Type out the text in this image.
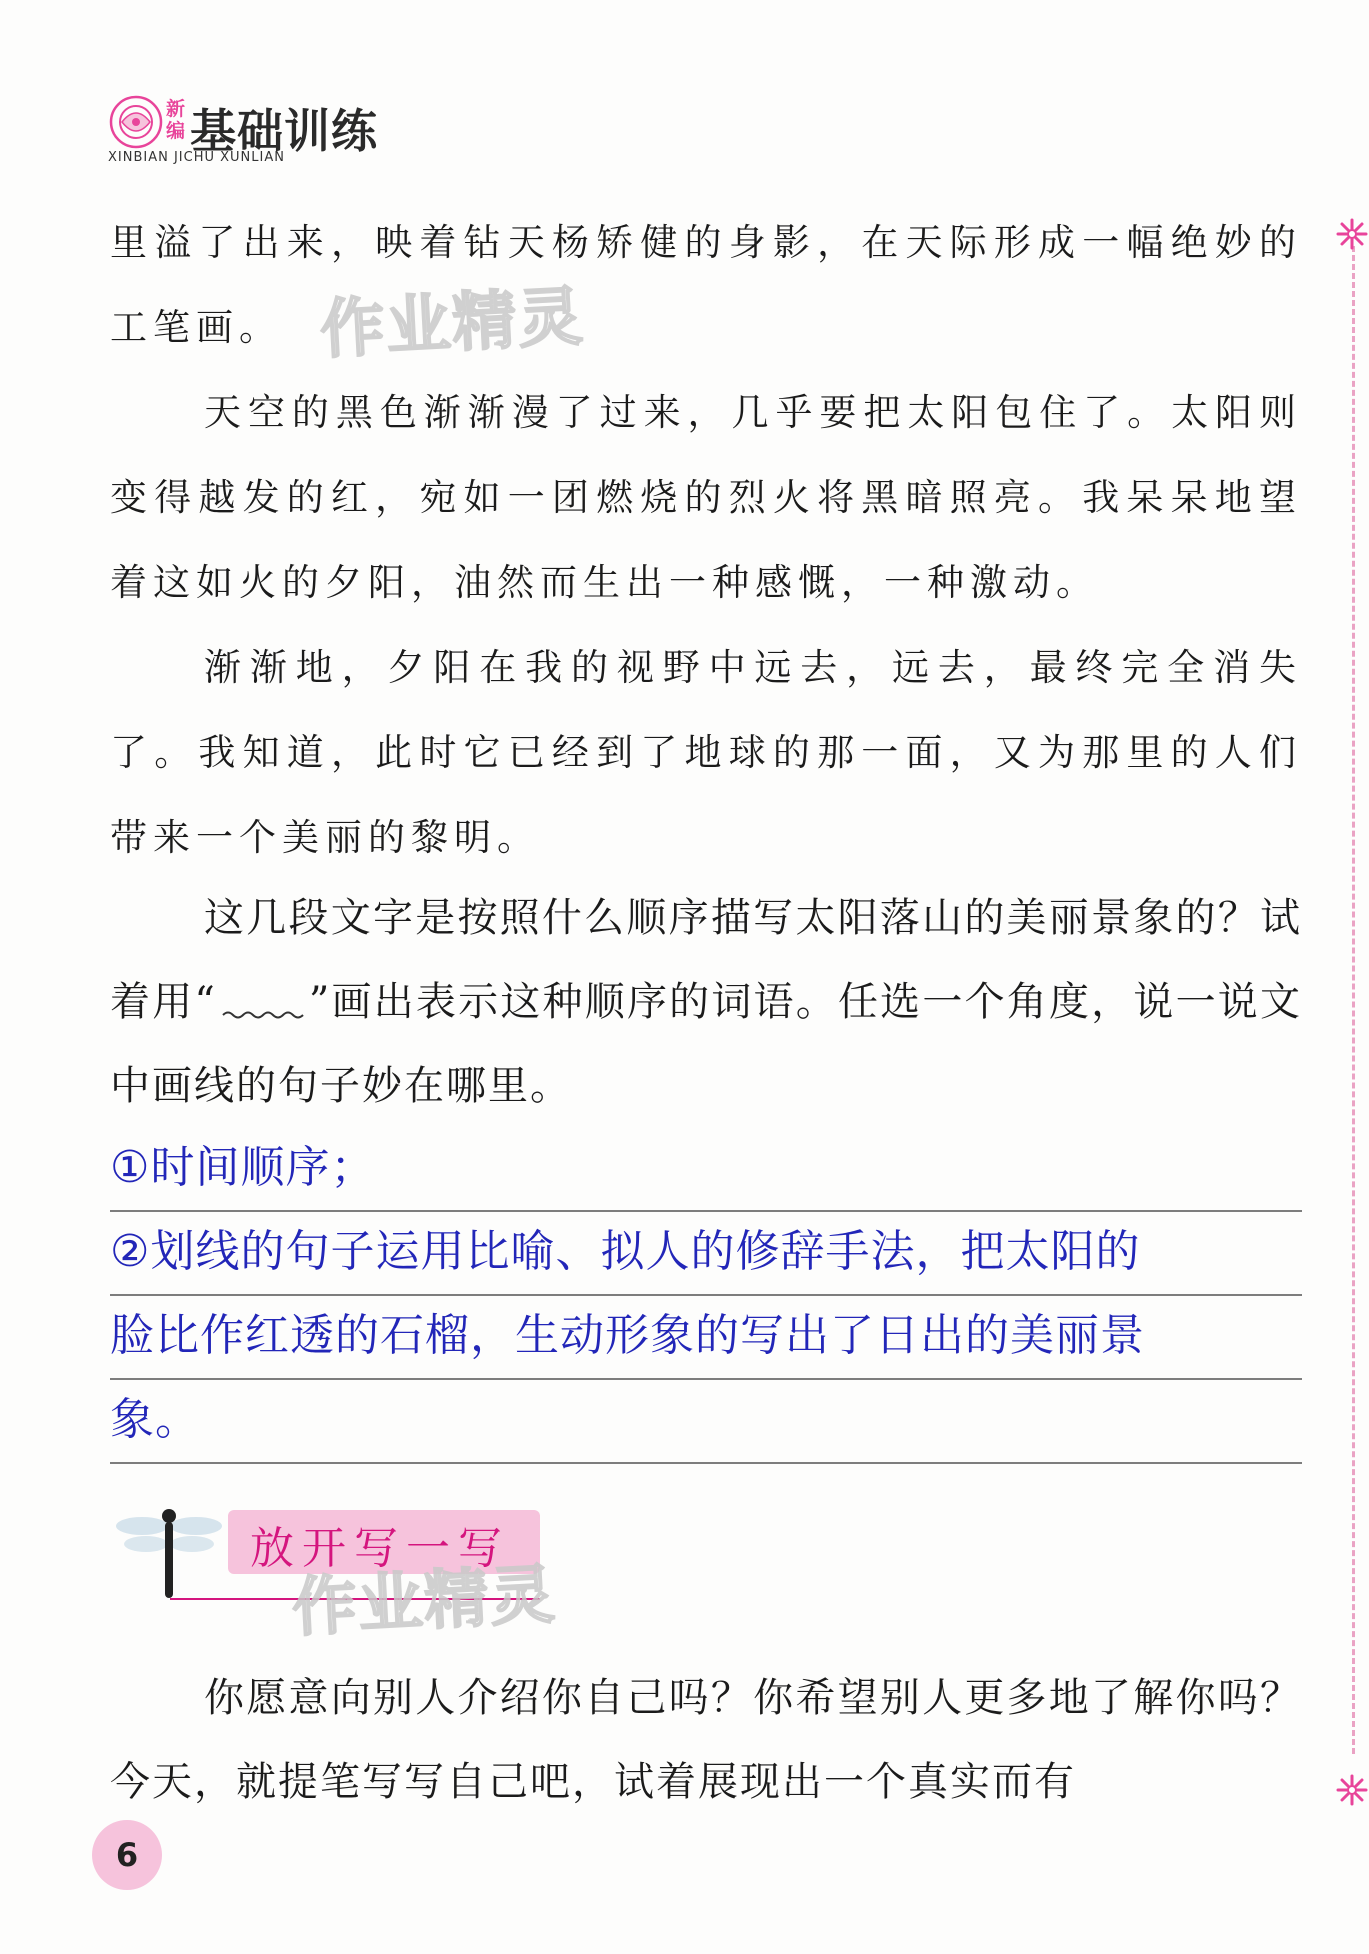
新编 基础训练
XINBIAN JICHU XUNLIAN
里溢了出来，映着钻天杨矫健的身影，在天际形成一幅绝妙的工笔画。
天空的黑色渐渐漫了过来，几乎要把太阳包住了。太阳则变得越发的红，宛如一团燃烧的烈火将黑暗照亮。我呆呆地望着这如火的夕阳，油然而生出一种感慨，一种激动。
渐渐地，夕阳在我的视野中远去，远去，最终完全消失了。我知道，此时它已经到了地球的那一面，又为那里的人们带来一个美丽的黎明。
作业精灵
这几段文字是按照什么顺序描写太阳落山的美丽景象的？试着用“ ”画出表示这种顺序的词语。任选一个角度，说一说文中画线的句子妙在哪里。
①时间顺序；
②划线的句子运用比喻、拟人的修辞手法，把太阳的
脸比作红透的石榴，生动形象的写出了日出的美丽景
象。
放开写一写
作业精灵
你愿意向别人介绍你自己吗？你希望别人更多地了解你吗？今天，就提笔写写自己吧，试着展现出一个真实而有
6
